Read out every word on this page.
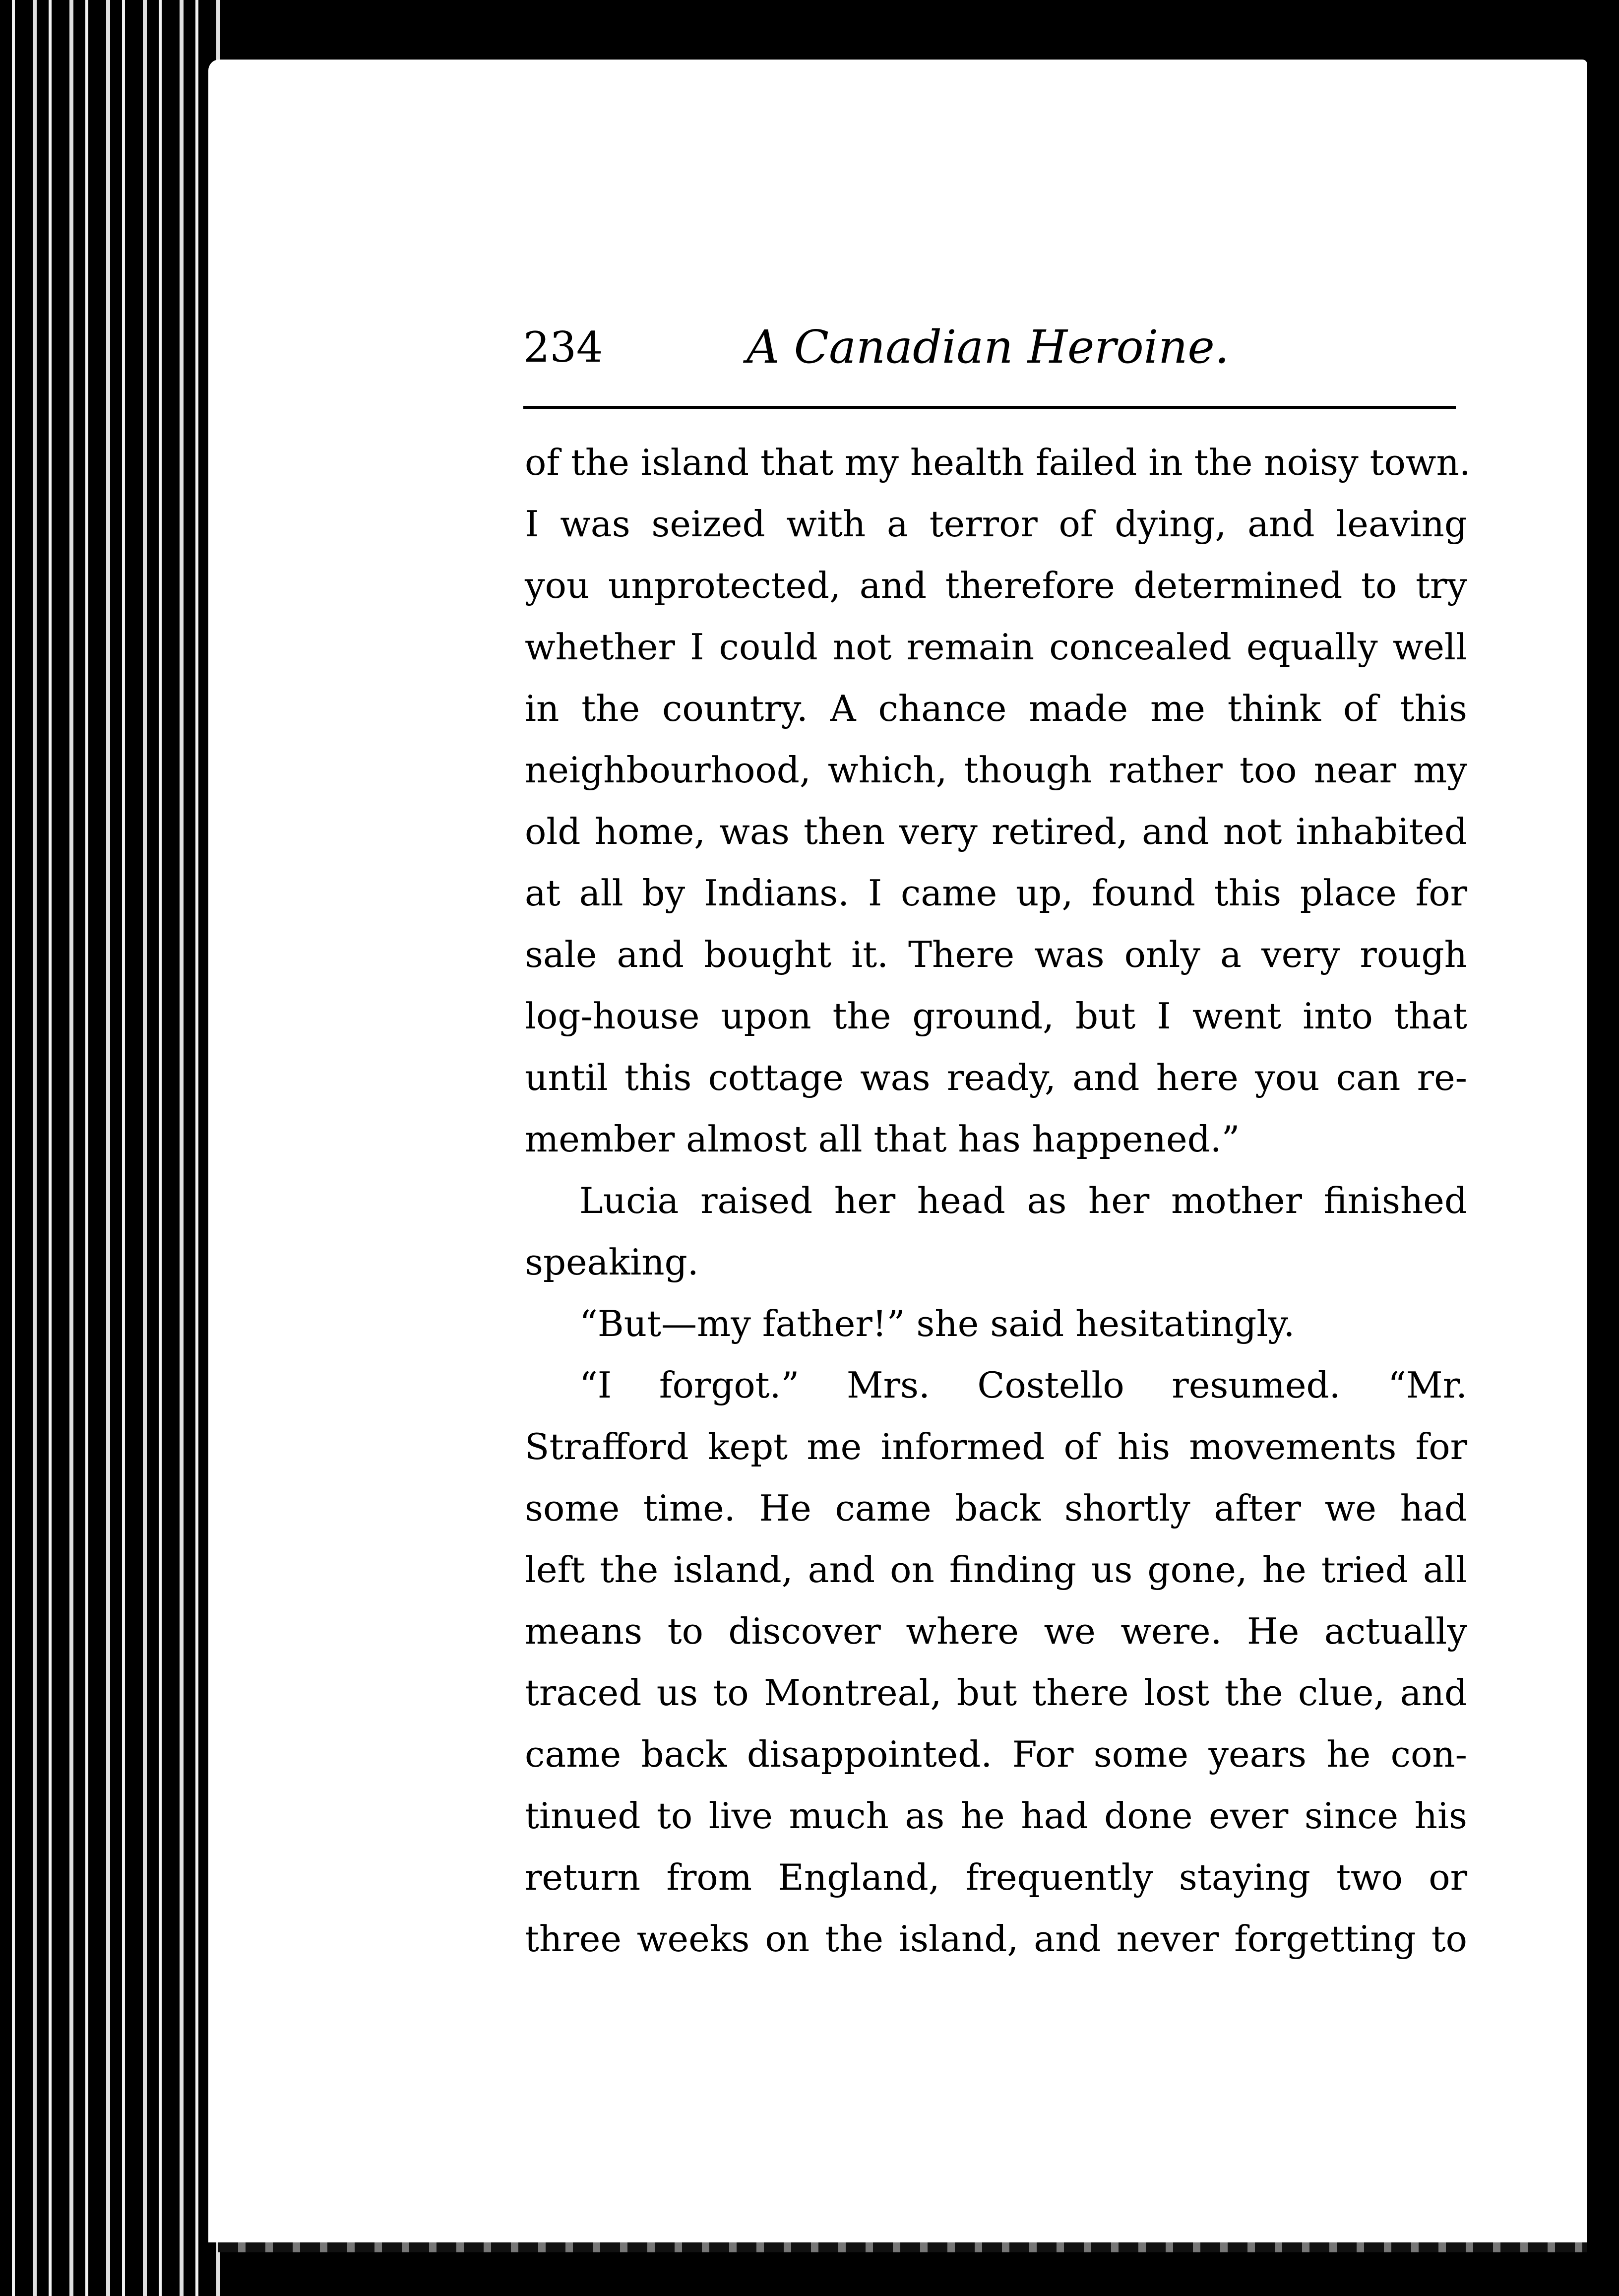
234	A Canadian Heroine.
of the island that my health failed in the noisy town.
I was seized with a terror of dying, and leaving
you unprotected, and therefore determined to try
whether I could not remain concealed equally well
in the country. A chance made me think of this
neighbourhood, which, though rather too near my
old home, was then very retired, and not inhabited
at all by Indians. I came up, found this place for
sale and bought it. There was only a very rough
log-house upon the ground, but I went into that
until this cottage was ready, and here you can re-
member almost all that has happened.”
Lucia raised her head as her mother finished
speaking.
“But—my father!” she said hesitatingly.
“I forgot.” Mrs. Costello resumed. “Mr.
Strafford kept me informed of his movements for
some time. He came back shortly after we had
left the island, and on finding us gone, he tried all
means to discover where we were. He actually
traced us to Montreal, but there lost the clue, and
came back disappointed. For some years he con-
tinued to live much as he had done ever since his
return from England, frequently staying two or
three weeks on the island, and never forgetting to
